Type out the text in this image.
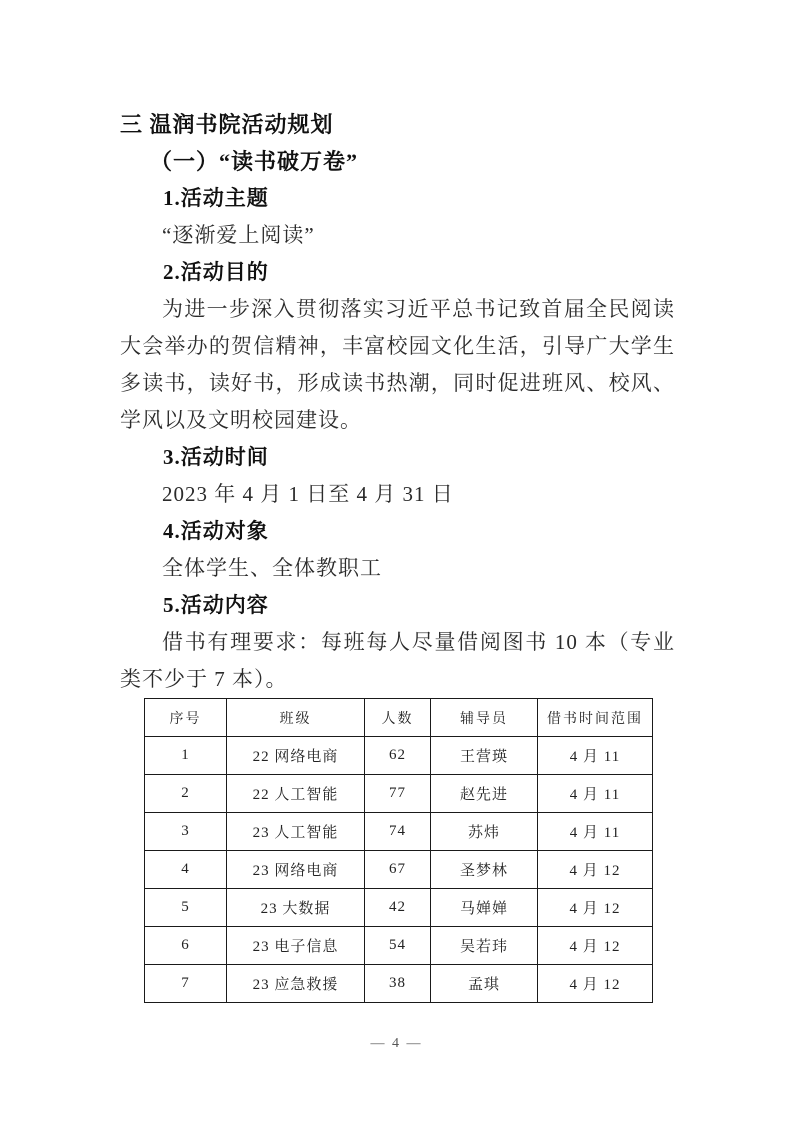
三 温润书院活动规划
（一）“读书破万卷”
1.活动主题
“逐渐爱上阅读”
2.活动目的
为进一步深入贯彻落实习近平总书记致首届全民阅读大会举办的贺信精神，丰富校园文化生活，引导广大学生多读书，读好书，形成读书热潮，同时促进班风、校风、学风以及文明校园建设。
3.活动时间
2023 年 4 月 1 日至 4 月 31 日
4.活动对象
全体学生、全体教职工
5.活动内容
借书有理要求：每班每人尽量借阅图书 10 本（专业类不少于 7 本）。
序号	班级	人数	辅导员	借书时间范围
1	22 网络电商	62	王营瑛	4 月 11
2	22 人工智能	77	赵先进	4 月 11
3	23 人工智能	74	苏炜	4 月 11
4	23 网络电商	67	圣梦林	4 月 12
5	23 大数据	42	马婵婵	4 月 12
6	23 电子信息	54	吴若玮	4 月 12
7	23 应急救援	38	孟琪	4 月 12
— 4 —
